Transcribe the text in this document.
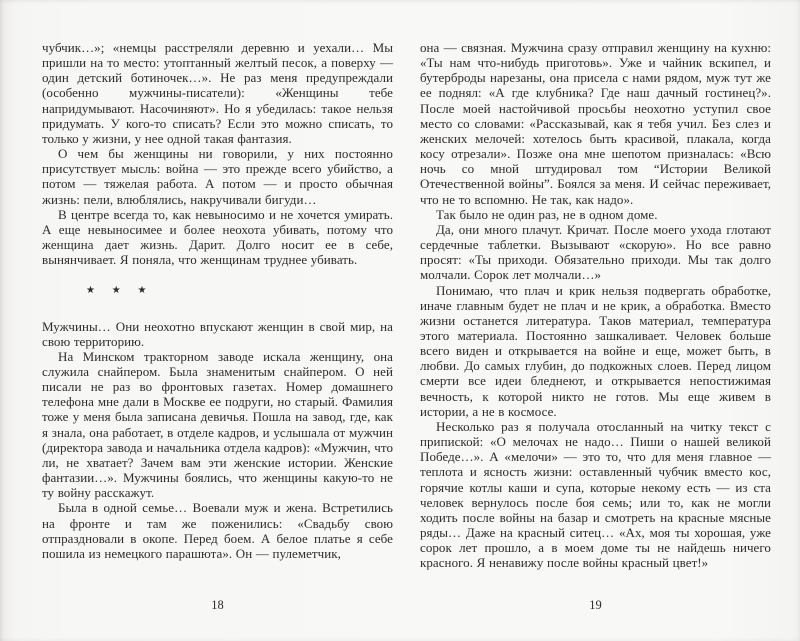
чубчик…»; «немцы расстреляли деревню и уехали… Мы пришли на то место: утоптанный желтый песок, а поверху — один детский ботиночек…». Не раз меня предупреждали (особенно мужчины-писатели): «Женщины тебе напридумывают. Насочиняют». Но я убедилась: такое нельзя придумать. У кого-то списать? Если это можно списать, то только у жизни, у нее одной такая фантазия.

О чем бы женщины ни говорили, у них постоянно присутствует мысль: война — это прежде всего убийство, а потом — тяжелая работа. А потом — и просто обычная жизнь: пели, влюблялись, накручивали бигуди…

В центре всегда то, как невыносимо и не хочется умирать. А еще невыносимее и более неохота убивать, потому что женщина дает жизнь. Дарит. Долго носит ее в себе, вынянчивает. Я поняла, что женщинам труднее убивать.

★ ★ ★

Мужчины… Они неохотно впускают женщин в свой мир, на свою территорию.

На Минском тракторном заводе искала женщину, она служила снайпером. Была знаменитым снайпером. О ней писали не раз во фронтовых газетах. Номер домашнего телефона мне дали в Москве ее подруги, но старый. Фамилия тоже у меня была записана девичья. Пошла на завод, где, как я знала, она работает, в отделе кадров, и услышала от мужчин (директора завода и начальника отдела кадров): «Мужчин, что ли, не хватает? Зачем вам эти женские истории. Женские фантазии…». Мужчины боялись, что женщины какую-то не ту войну расскажут.

Была в одной семье… Воевали муж и жена. Встретились на фронте и там же поженились: «Свадьбу свою отпраздновали в окопе. Перед боем. А белое платье я себе пошила из немецкого парашюта». Он — пулеметчик,

18

она — связная. Мужчина сразу отправил женщину на кухню: «Ты нам что-нибудь приготовь». Уже и чайник вскипел, и бутерброды нарезаны, она присела с нами рядом, муж тут же ее поднял: «А где клубника? Где наш дачный гостинец?». После моей настойчивой просьбы неохотно уступил свое место со словами: «Рассказывай, как я тебя учил. Без слез и женских мелочей: хотелось быть красивой, плакала, когда косу отрезали». Позже она мне шепотом призналась: «Всю ночь со мной штудировал том “Истории Великой Отечественной войны”. Боялся за меня. И сейчас переживает, что не то вспомню. Не так, как надо».

Так было не один раз, не в одном доме.

Да, они много плачут. Кричат. После моего ухода глотают сердечные таблетки. Вызывают «скорую». Но все равно просят: «Ты приходи. Обязательно приходи. Мы так долго молчали. Сорок лет молчали…»

Понимаю, что плач и крик нельзя подвергать обработке, иначе главным будет не плач и не крик, а обработка. Вместо жизни останется литература. Таков материал, температура этого материала. Постоянно зашкаливает. Человек больше всего виден и открывается на войне и еще, может быть, в любви. До самых глубин, до подкожных слоев. Перед лицом смерти все идеи бледнеют, и открывается непостижимая вечность, к которой никто не готов. Мы еще живем в истории, а не в космосе.

Несколько раз я получала отосланный на читку текст с припиской: «О мелочах не надо… Пиши о нашей великой Победе…». А «мелочи» — это то, что для меня главное — теплота и ясность жизни: оставленный чубчик вместо кос, горячие котлы каши и супа, которые некому есть — из ста человек вернулось после боя семь; или то, как не могли ходить после войны на базар и смотреть на красные мясные ряды… Даже на красный ситец… «Ах, моя ты хорошая, уже сорок лет прошло, а в моем доме ты не найдешь ничего красного. Я ненавижу после войны красный цвет!»

19
